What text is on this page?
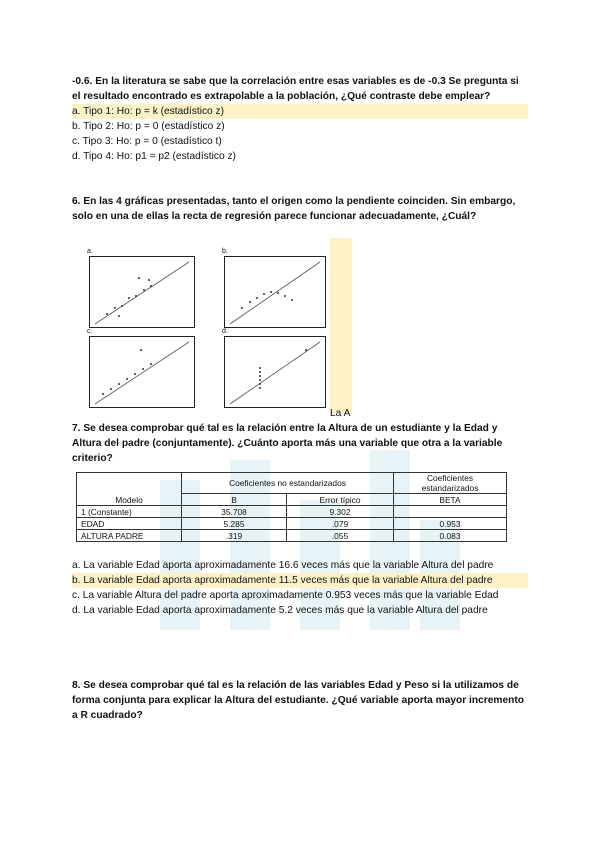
-0.6. En la literatura se sabe que la correlación entre esas variables es de -0.3 Se pregunta si el resultado encontrado es extrapolable a la población, ¿Qué contraste debe emplear?
a. Tipo 1: Ho: p = k (estadístico z)
b. Tipo 2: Ho: p = 0 (estadístico z)
c. Tipo 3: Ho: p = 0 (estadístico t)
d. Tipo 4: Ho: p1 = p2 (estadístico z)
6. En las 4 gráficas presentadas, tanto el origen como la pendiente coinciden. Sin embargo, solo en una de ellas la recta de regresión parece funcionar adecuadamente, ¿Cuál?
a.	b.
c.	d.
La A
7. Se desea comprobar qué tal es la relación entre la Altura de un estudiante y la Edad y Altura del padre (conjuntamente). ¿Cuánto aporta más una variable que otra a la variable criterio?
Modelo	Coeficientes no estandarizados		Coeficientes estandarizados
	B	Error típico	BETA
1 (Constante)	35.708	9.302	
EDAD	5.285	.079	0.953
ALTURA PADRE	.319	.055	0.083
a. La variable Edad aporta aproximadamente 16.6 veces más que la variable Altura del padre
b. La variable Edad aporta aproximadamente 11.5 veces más que la variable Altura del padre
c. La variable Altura del padre aporta aproximadamente 0.953 veces más que la variable Edad
d. La variable Edad aporta aproximadamente 5.2 veces más que la variable Altura del padre
8. Se desea comprobar qué tal es la relación de las variables Edad y Peso si la utilizamos de forma conjunta para explicar la Altura del estudiante. ¿Qué variable aporta mayor incremento a R cuadrado?
